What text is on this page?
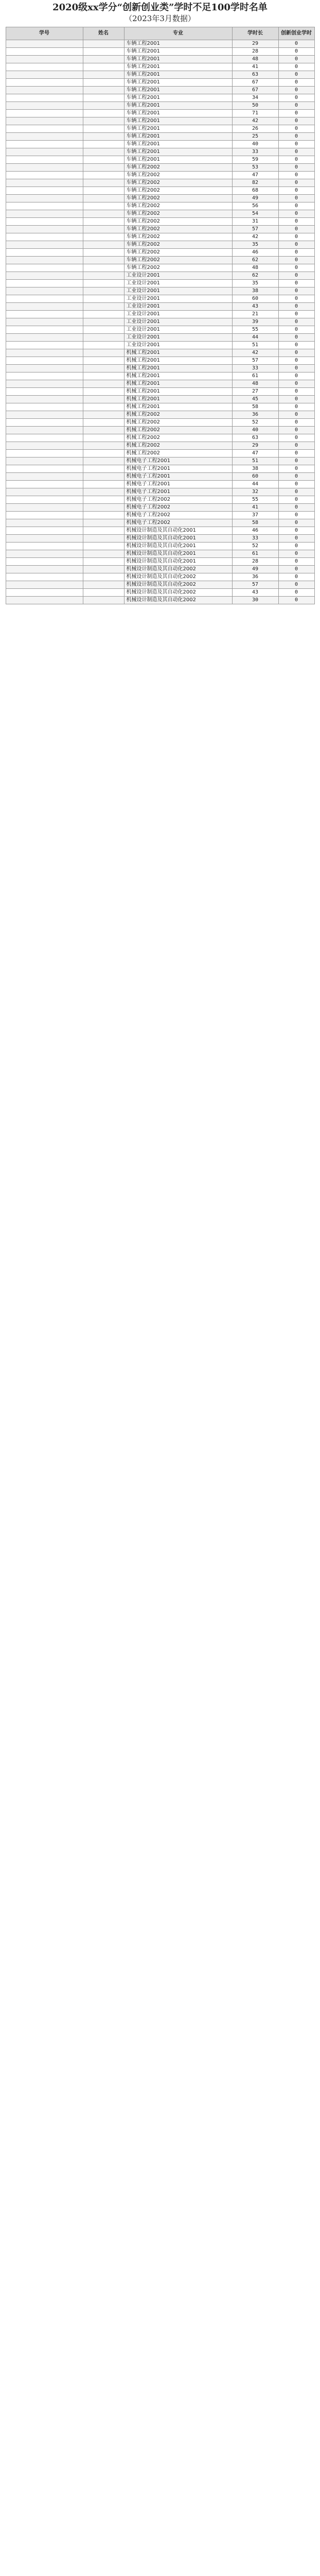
2020级xx学分“创新创业类”学时不足100学时名单

（2023年3月数据）

学号	姓名	专业	学时长	创新创业学时
		车辆工程2001	29	0
		车辆工程2001	28	0
		车辆工程2001	48	0
		车辆工程2001	41	0
		车辆工程2001	63	0
		车辆工程2001	67	0
		车辆工程2001	67	0
		车辆工程2001	34	0
		车辆工程2001	50	0
		车辆工程2001	71	0
		车辆工程2001	42	0
		车辆工程2001	26	0
		车辆工程2001	25	0
		车辆工程2001	40	0
		车辆工程2001	33	0
		车辆工程2001	59	0
		车辆工程2002	53	0
		车辆工程2002	47	0
		车辆工程2002	82	0
		车辆工程2002	68	0
		车辆工程2002	49	0
		车辆工程2002	56	0
		车辆工程2002	54	0
		车辆工程2002	31	0
		车辆工程2002	57	0
		车辆工程2002	42	0
		车辆工程2002	35	0
		车辆工程2002	46	0
		车辆工程2002	62	0
		车辆工程2002	48	0
		工业设计2001	62	0
		工业设计2001	35	0
		工业设计2001	38	0
		工业设计2001	60	0
		工业设计2001	43	0
		工业设计2001	21	0
		工业设计2001	39	0
		工业设计2001	55	0
		工业设计2001	44	0
		工业设计2001	51	0
		机械工程2001	42	0
		机械工程2001	57	0
		机械工程2001	33	0
		机械工程2001	61	0
		机械工程2001	48	0
		机械工程2001	27	0
		机械工程2001	45	0
		机械工程2001	58	0
		机械工程2002	36	0
		机械工程2002	52	0
		机械工程2002	40	0
		机械工程2002	63	0
		机械工程2002	29	0
		机械工程2002	47	0
		机械电子工程2001	51	0
		机械电子工程2001	38	0
		机械电子工程2001	60	0
		机械电子工程2001	44	0
		机械电子工程2001	32	0
		机械电子工程2002	55	0
		机械电子工程2002	41	0
		机械电子工程2002	37	0
		机械电子工程2002	58	0
		机械设计制造及其自动化2001	46	0
		机械设计制造及其自动化2001	33	0
		机械设计制造及其自动化2001	52	0
		机械设计制造及其自动化2001	61	0
		机械设计制造及其自动化2001	28	0
		机械设计制造及其自动化2002	49	0
		机械设计制造及其自动化2002	36	0
		机械设计制造及其自动化2002	57	0
		机械设计制造及其自动化2002	43	0
		机械设计制造及其自动化2002	30	0
